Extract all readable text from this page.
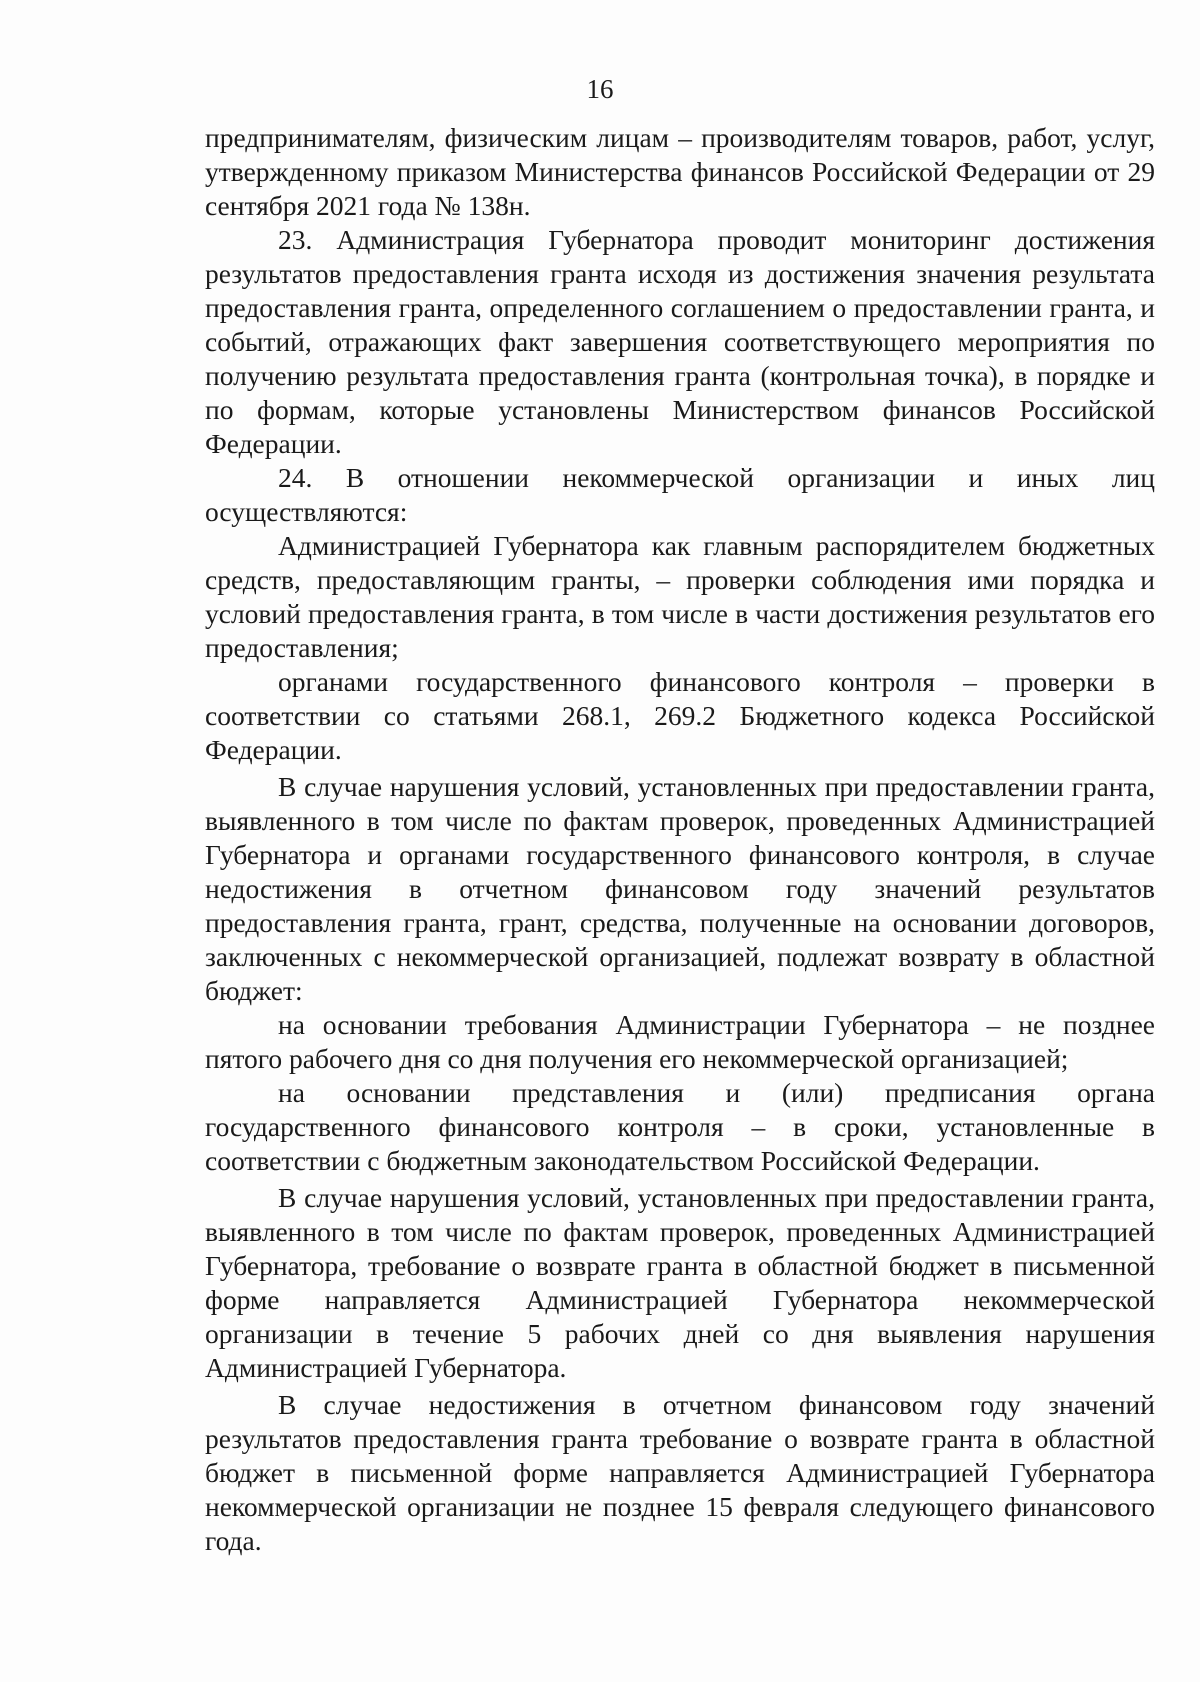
16

предпринимателям, физическим лицам – производителям товаров, работ, услуг, утвержденному приказом Министерства финансов Российской Федерации от 29 сентября 2021 года № 138н.

23. Администрация Губернатора проводит мониторинг достижения результатов предоставления гранта исходя из достижения значения результата предоставления гранта, определенного соглашением о предоставлении гранта, и событий, отражающих факт завершения соответствующего мероприятия по получению результата предоставления гранта (контрольная точка), в порядке и по формам, которые установлены Министерством финансов Российской Федерации.

24. В отношении некоммерческой организации и иных лиц осуществляются:

Администрацией Губернатора как главным распорядителем бюджетных средств, предоставляющим гранты, – проверки соблюдения ими порядка и условий предоставления гранта, в том числе в части достижения результатов его предоставления;

органами государственного финансового контроля – проверки в соответствии со статьями 268.1, 269.2 Бюджетного кодекса Российской Федерации.

В случае нарушения условий, установленных при предоставлении гранта, выявленного в том числе по фактам проверок, проведенных Администрацией Губернатора и органами государственного финансового контроля, в случае недостижения в отчетном финансовом году значений результатов предоставления гранта, грант, средства, полученные на основании договоров, заключенных с некоммерческой организацией, подлежат возврату в областной бюджет:

на основании требования Администрации Губернатора – не позднее пятого рабочего дня со дня получения его некоммерческой организацией;

на основании представления и (или) предписания органа государственного финансового контроля – в сроки, установленные в соответствии с бюджетным законодательством Российской Федерации.

В случае нарушения условий, установленных при предоставлении гранта, выявленного в том числе по фактам проверок, проведенных Администрацией Губернатора, требование о возврате гранта в областной бюджет в письменной форме направляется Администрацией Губернатора некоммерческой организации в течение 5 рабочих дней со дня выявления нарушения Администрацией Губернатора.

В случае недостижения в отчетном финансовом году значений результатов предоставления гранта требование о возврате гранта в областной бюджет в письменной форме направляется Администрацией Губернатора некоммерческой организации не позднее 15 февраля следующего финансового года.
